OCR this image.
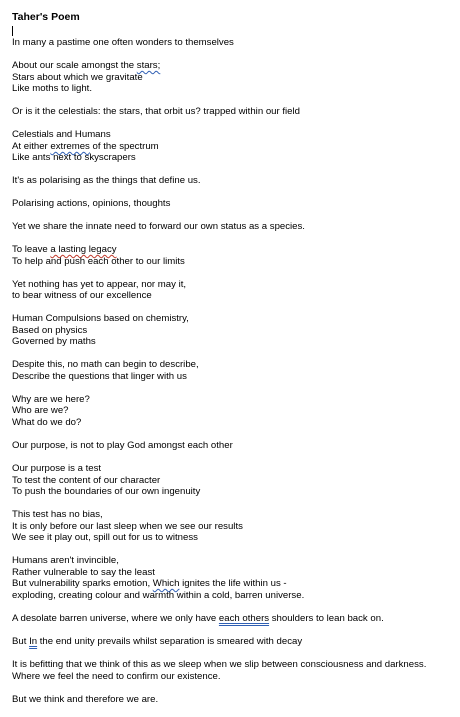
Taher's Poem
In many a pastime one often wonders to themselves
About our scale amongst the stars;
Stars about which we gravitate
Like moths to light.
Or is it the celestials: the stars, that orbit us? trapped within our field
Celestials and Humans
At either extremes of the spectrum
Like ants next to skyscrapers
It's as polarising as the things that define us.
Polarising actions, opinions, thoughts
Yet we share the innate need to forward our own status as a species.
To leave a lasting legacy
To help and push each other to our limits
Yet nothing has yet to appear, nor may it,
to bear witness of our excellence
Human Compulsions based on chemistry,
Based on physics
Governed by maths
Despite this, no math can begin to describe,
Describe the questions that linger with us
Why are we here?
Who are we?
What do we do?
Our purpose, is not to play God amongst each other
Our purpose is a test
To test the content of our character
To push the boundaries of our own ingenuity
This test has no bias,
It is only before our last sleep when we see our results
We see it play out, spill out for us to witness
Humans aren't invincible,
Rather vulnerable to say the least
But vulnerability sparks emotion, Which ignites the life within us -
exploding, creating colour and warmth within a cold, barren universe.
A desolate barren universe, where we only have each others shoulders to lean back on.
But In the end unity prevails whilst separation is smeared with decay
It is befitting that we think of this as we sleep when we slip between consciousness and darkness.
Where we feel the need to confirm our existence.
But we think and therefore we are.
